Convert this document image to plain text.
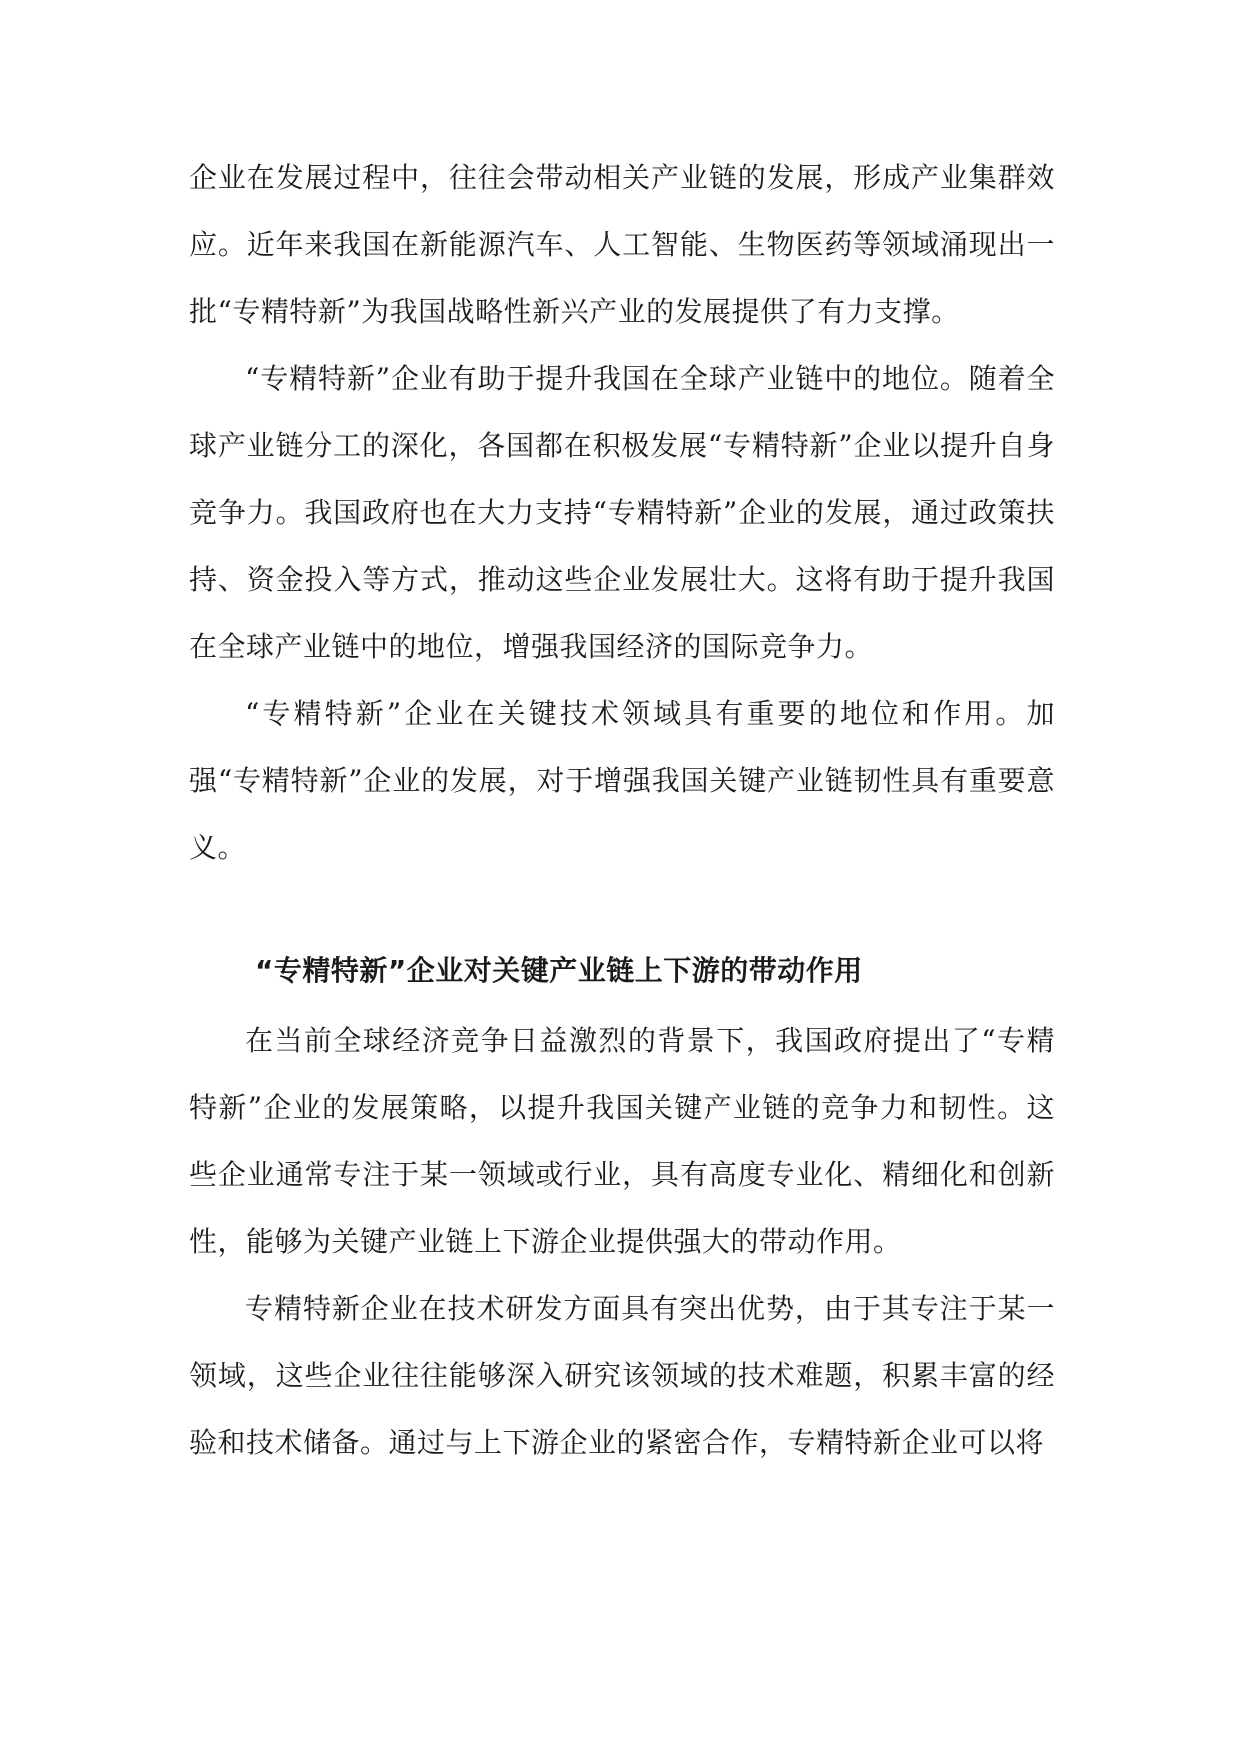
企业在发展过程中，往往会带动相关产业链的发展，形成产业集群效应。近年来我国在新能源汽车、人工智能、生物医药等领域涌现出一批“专精特新”为我国战略性新兴产业的发展提供了有力支撑。

“专精特新”企业有助于提升我国在全球产业链中的地位。随着全球产业链分工的深化，各国都在积极发展“专精特新”企业以提升自身竞争力。我国政府也在大力支持“专精特新”企业的发展，通过政策扶持、资金投入等方式，推动这些企业发展壮大。这将有助于提升我国在全球产业链中的地位，增强我国经济的国际竞争力。

“专精特新”企业在关键技术领域具有重要的地位和作用。加强“专精特新”企业的发展，对于增强我国关键产业链韧性具有重要意义。

“专精特新”企业对关键产业链上下游的带动作用

在当前全球经济竞争日益激烈的背景下，我国政府提出了“专精特新”企业的发展策略，以提升我国关键产业链的竞争力和韧性。这些企业通常专注于某一领域或行业，具有高度专业化、精细化和创新性，能够为关键产业链上下游企业提供强大的带动作用。

专精特新企业在技术研发方面具有突出优势，由于其专注于某一领域，这些企业往往能够深入研究该领域的技术难题，积累丰富的经验和技术储备。通过与上下游企业的紧密合作，专精特新企业可以将
